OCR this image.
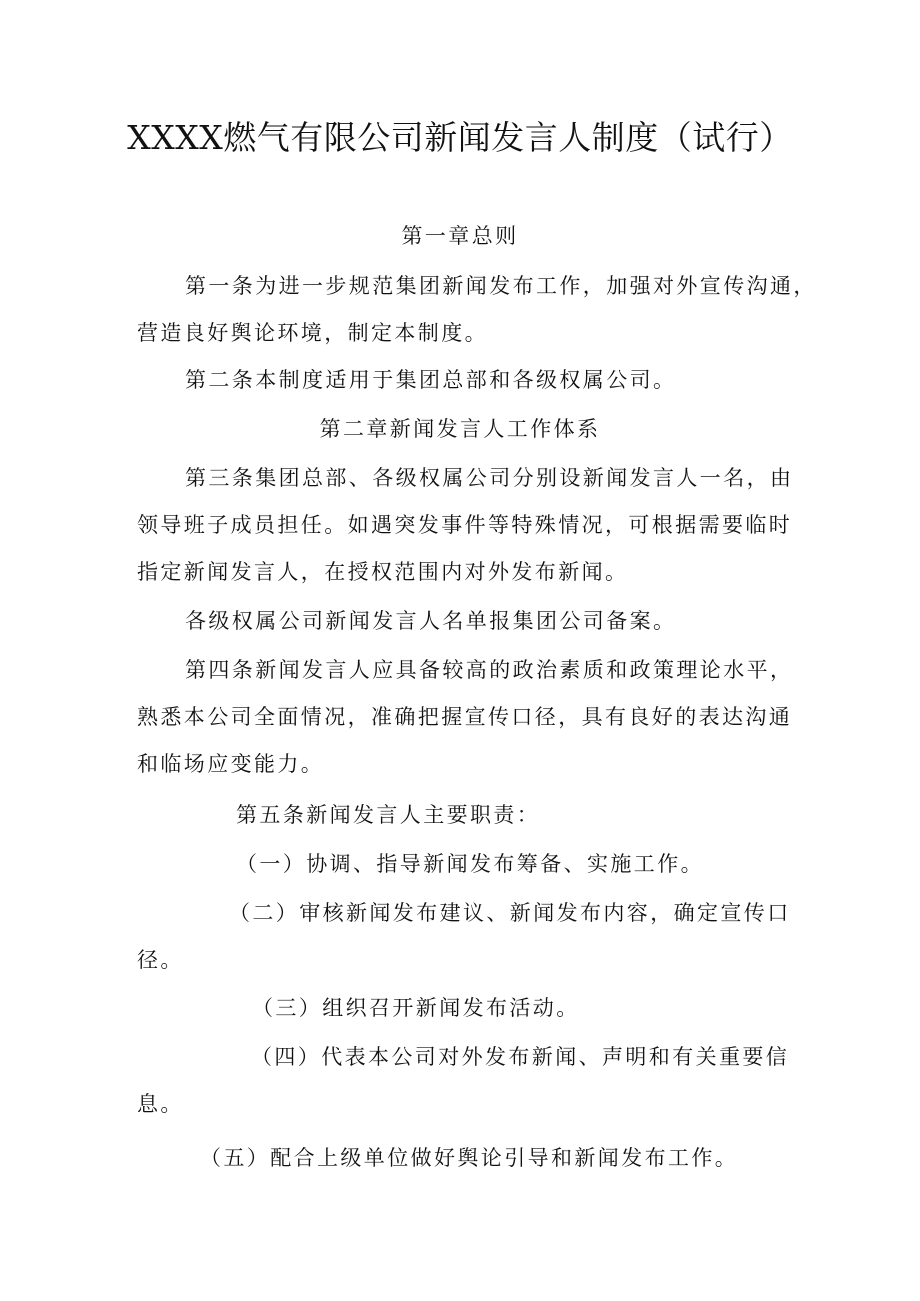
XXXX燃气有限公司新闻发言人制度（试行）

第一章总则

第一条为进一步规范集团新闻发布工作，加强对外宣传沟通，
营造良好舆论环境，制定本制度。

第二条本制度适用于集团总部和各级权属公司。

第二章新闻发言人工作体系

第三条集团总部、各级权属公司分别设新闻发言人一名，由
领导班子成员担任。如遇突发事件等特殊情况，可根据需要临时
指定新闻发言人，在授权范围内对外发布新闻。

各级权属公司新闻发言人名单报集团公司备案。

第四条新闻发言人应具备较高的政治素质和政策理论水平，
熟悉本公司全面情况，准确把握宣传口径，具有良好的表达沟通
和临场应变能力。

第五条新闻发言人主要职责：

（一）协调、指导新闻发布筹备、实施工作。

（二）审核新闻发布建议、新闻发布内容，确定宣传口
径。

（三）组织召开新闻发布活动。

（四）代表本公司对外发布新闻、声明和有关重要信
息。

（五）配合上级单位做好舆论引导和新闻发布工作。
